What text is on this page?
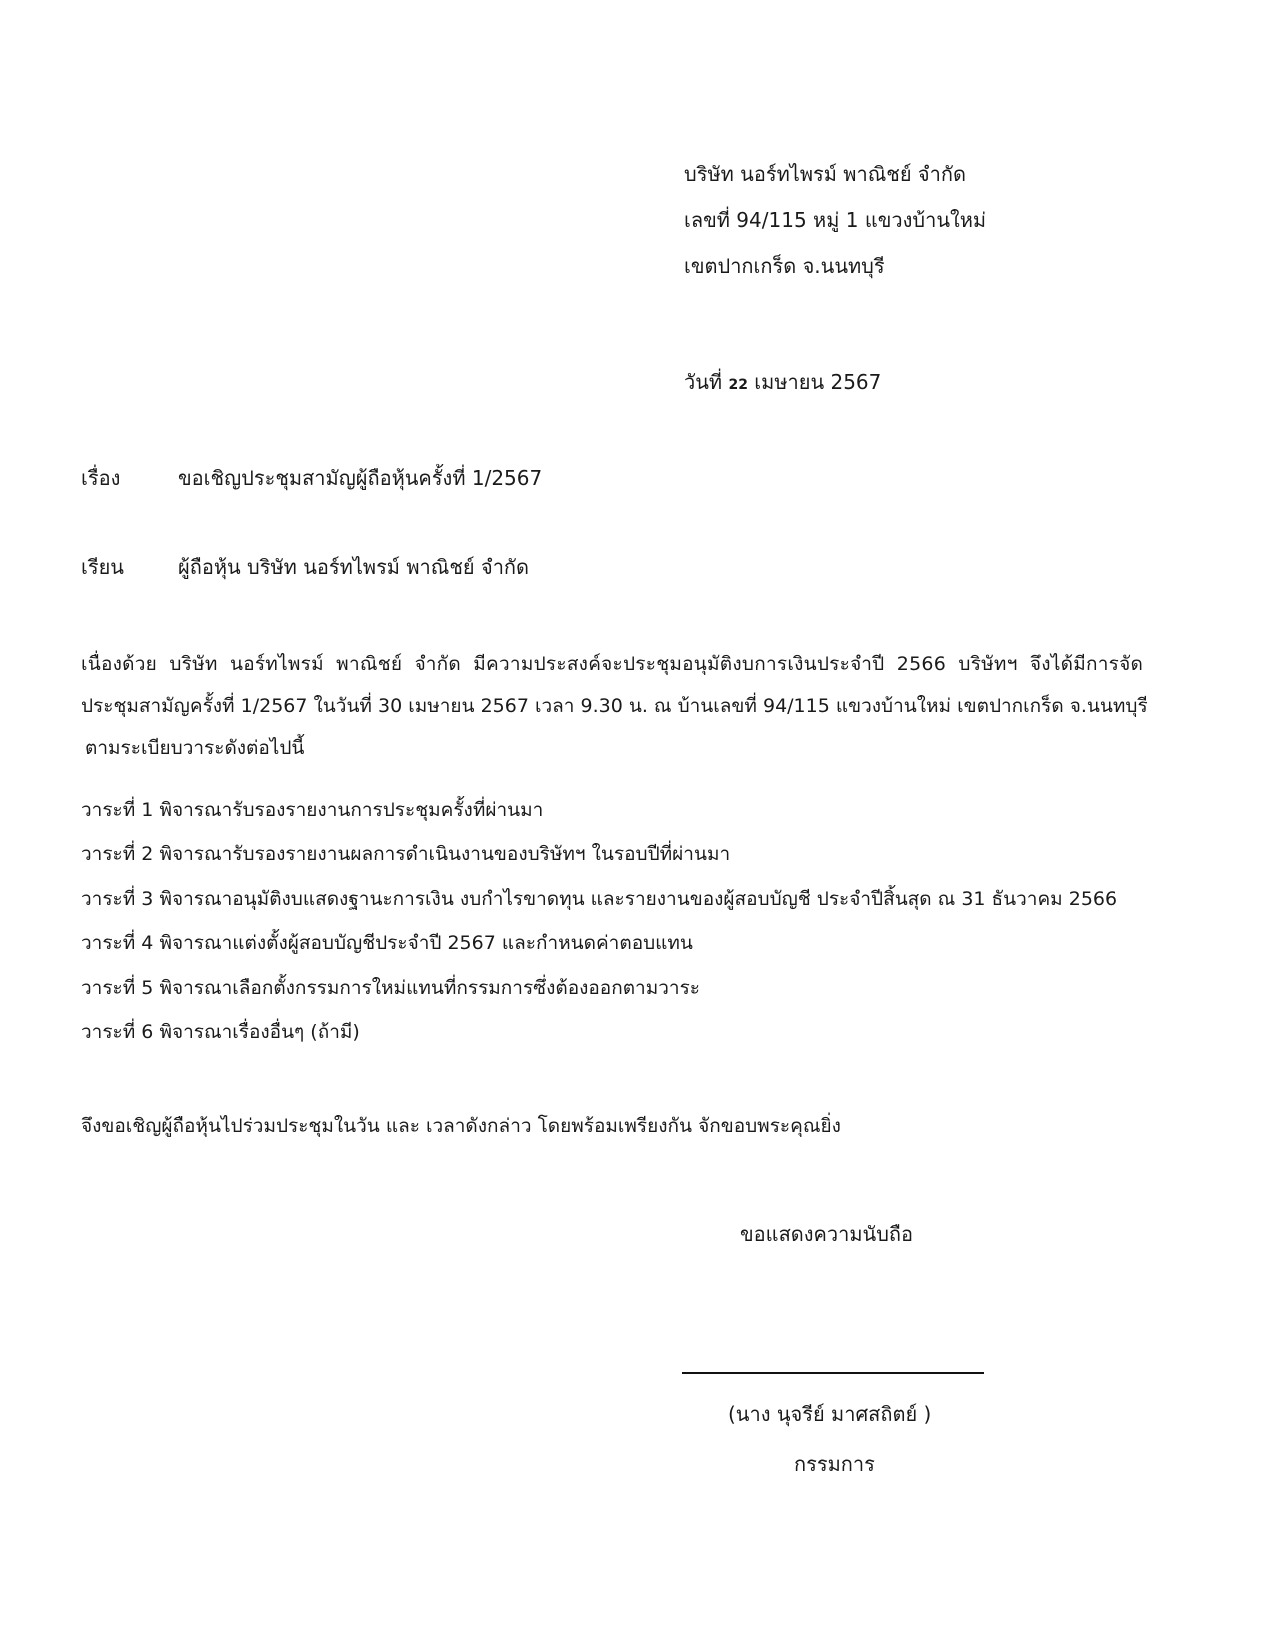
บริษัท นอร์ทไพรม์ พาณิชย์ จำกัด
เลขที่ 94/115 หมู่ 1 แขวงบ้านใหม่
เขตปากเกร็ด จ.นนทบุรี
วันที่ 22 เมษายน 2567
เรื่อง	ขอเชิญประชุมสามัญผู้ถือหุ้นครั้งที่ 1/2567
เรียน	ผู้ถือหุ้น บริษัท นอร์ทไพรม์ พาณิชย์ จำกัด
เนื่องด้วย บริษัท นอร์ทไพรม์ พาณิชย์ จำกัด มีความประสงค์จะประชุมอนุมัติงบการเงินประจำปี 2566 บริษัทฯ จึงได้มีการจัด
ประชุมสามัญครั้งที่ 1/2567 ในวันที่ 30 เมษายน 2567 เวลา 9.30 น. ณ บ้านเลขที่ 94/115 แขวงบ้านใหม่ เขตปากเกร็ด จ.นนทบุรี
ตามระเบียบวาระดังต่อไปนี้
วาระที่ 1 พิจารณารับรองรายงานการประชุมครั้งที่ผ่านมา
วาระที่ 2 พิจารณารับรองรายงานผลการดำเนินงานของบริษัทฯ ในรอบปีที่ผ่านมา
วาระที่ 3 พิจารณาอนุมัติงบแสดงฐานะการเงิน งบกำไรขาดทุน และรายงานของผู้สอบบัญชี ประจำปีสิ้นสุด ณ 31 ธันวาคม 2566
วาระที่ 4 พิจารณาแต่งตั้งผู้สอบบัญชีประจำปี 2567 และกำหนดค่าตอบแทน
วาระที่ 5 พิจารณาเลือกตั้งกรรมการใหม่แทนที่กรรมการซึ่งต้องออกตามวาระ
วาระที่ 6 พิจารณาเรื่องอื่นๆ (ถ้ามี)
จึงขอเชิญผู้ถือหุ้นไปร่วมประชุมในวัน และ เวลาดังกล่าว โดยพร้อมเพรียงกัน จักขอบพระคุณยิ่ง
ขอแสดงความนับถือ
(นาง นุจรีย์ มาศสถิตย์ )
กรรมการ
